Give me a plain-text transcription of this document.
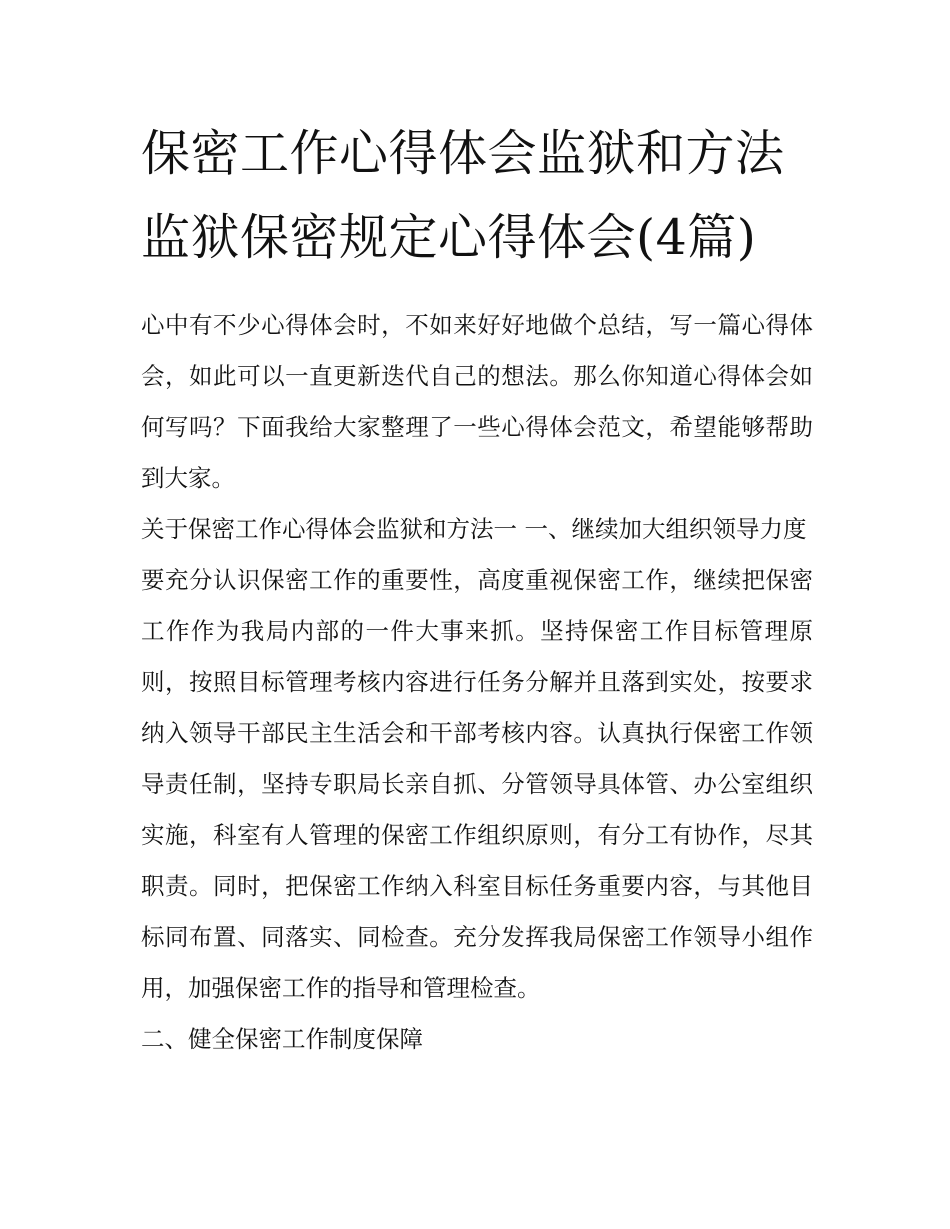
保密工作心得体会监狱和方法监狱保密规定心得体会(4篇)

心中有不少心得体会时，不如来好好地做个总结，写一篇心得体会，如此可以一直更新迭代自己的想法。那么你知道心得体会如何写吗？下面我给大家整理了一些心得体会范文，希望能够帮助到大家。

关于保密工作心得体会监狱和方法一 一、继续加大组织领导力度

要充分认识保密工作的重要性，高度重视保密工作，继续把保密工作作为我局内部的一件大事来抓。坚持保密工作目标管理原则，按照目标管理考核内容进行任务分解并且落到实处，按要求纳入领导干部民主生活会和干部考核内容。认真执行保密工作领导责任制，坚持专职局长亲自抓、分管领导具体管、办公室组织实施，科室有人管理的保密工作组织原则，有分工有协作，尽其职责。同时，把保密工作纳入科室目标任务重要内容，与其他目标同布置、同落实、同检查。充分发挥我局保密工作领导小组作用，加强保密工作的指导和管理检查。

二、健全保密工作制度保障
